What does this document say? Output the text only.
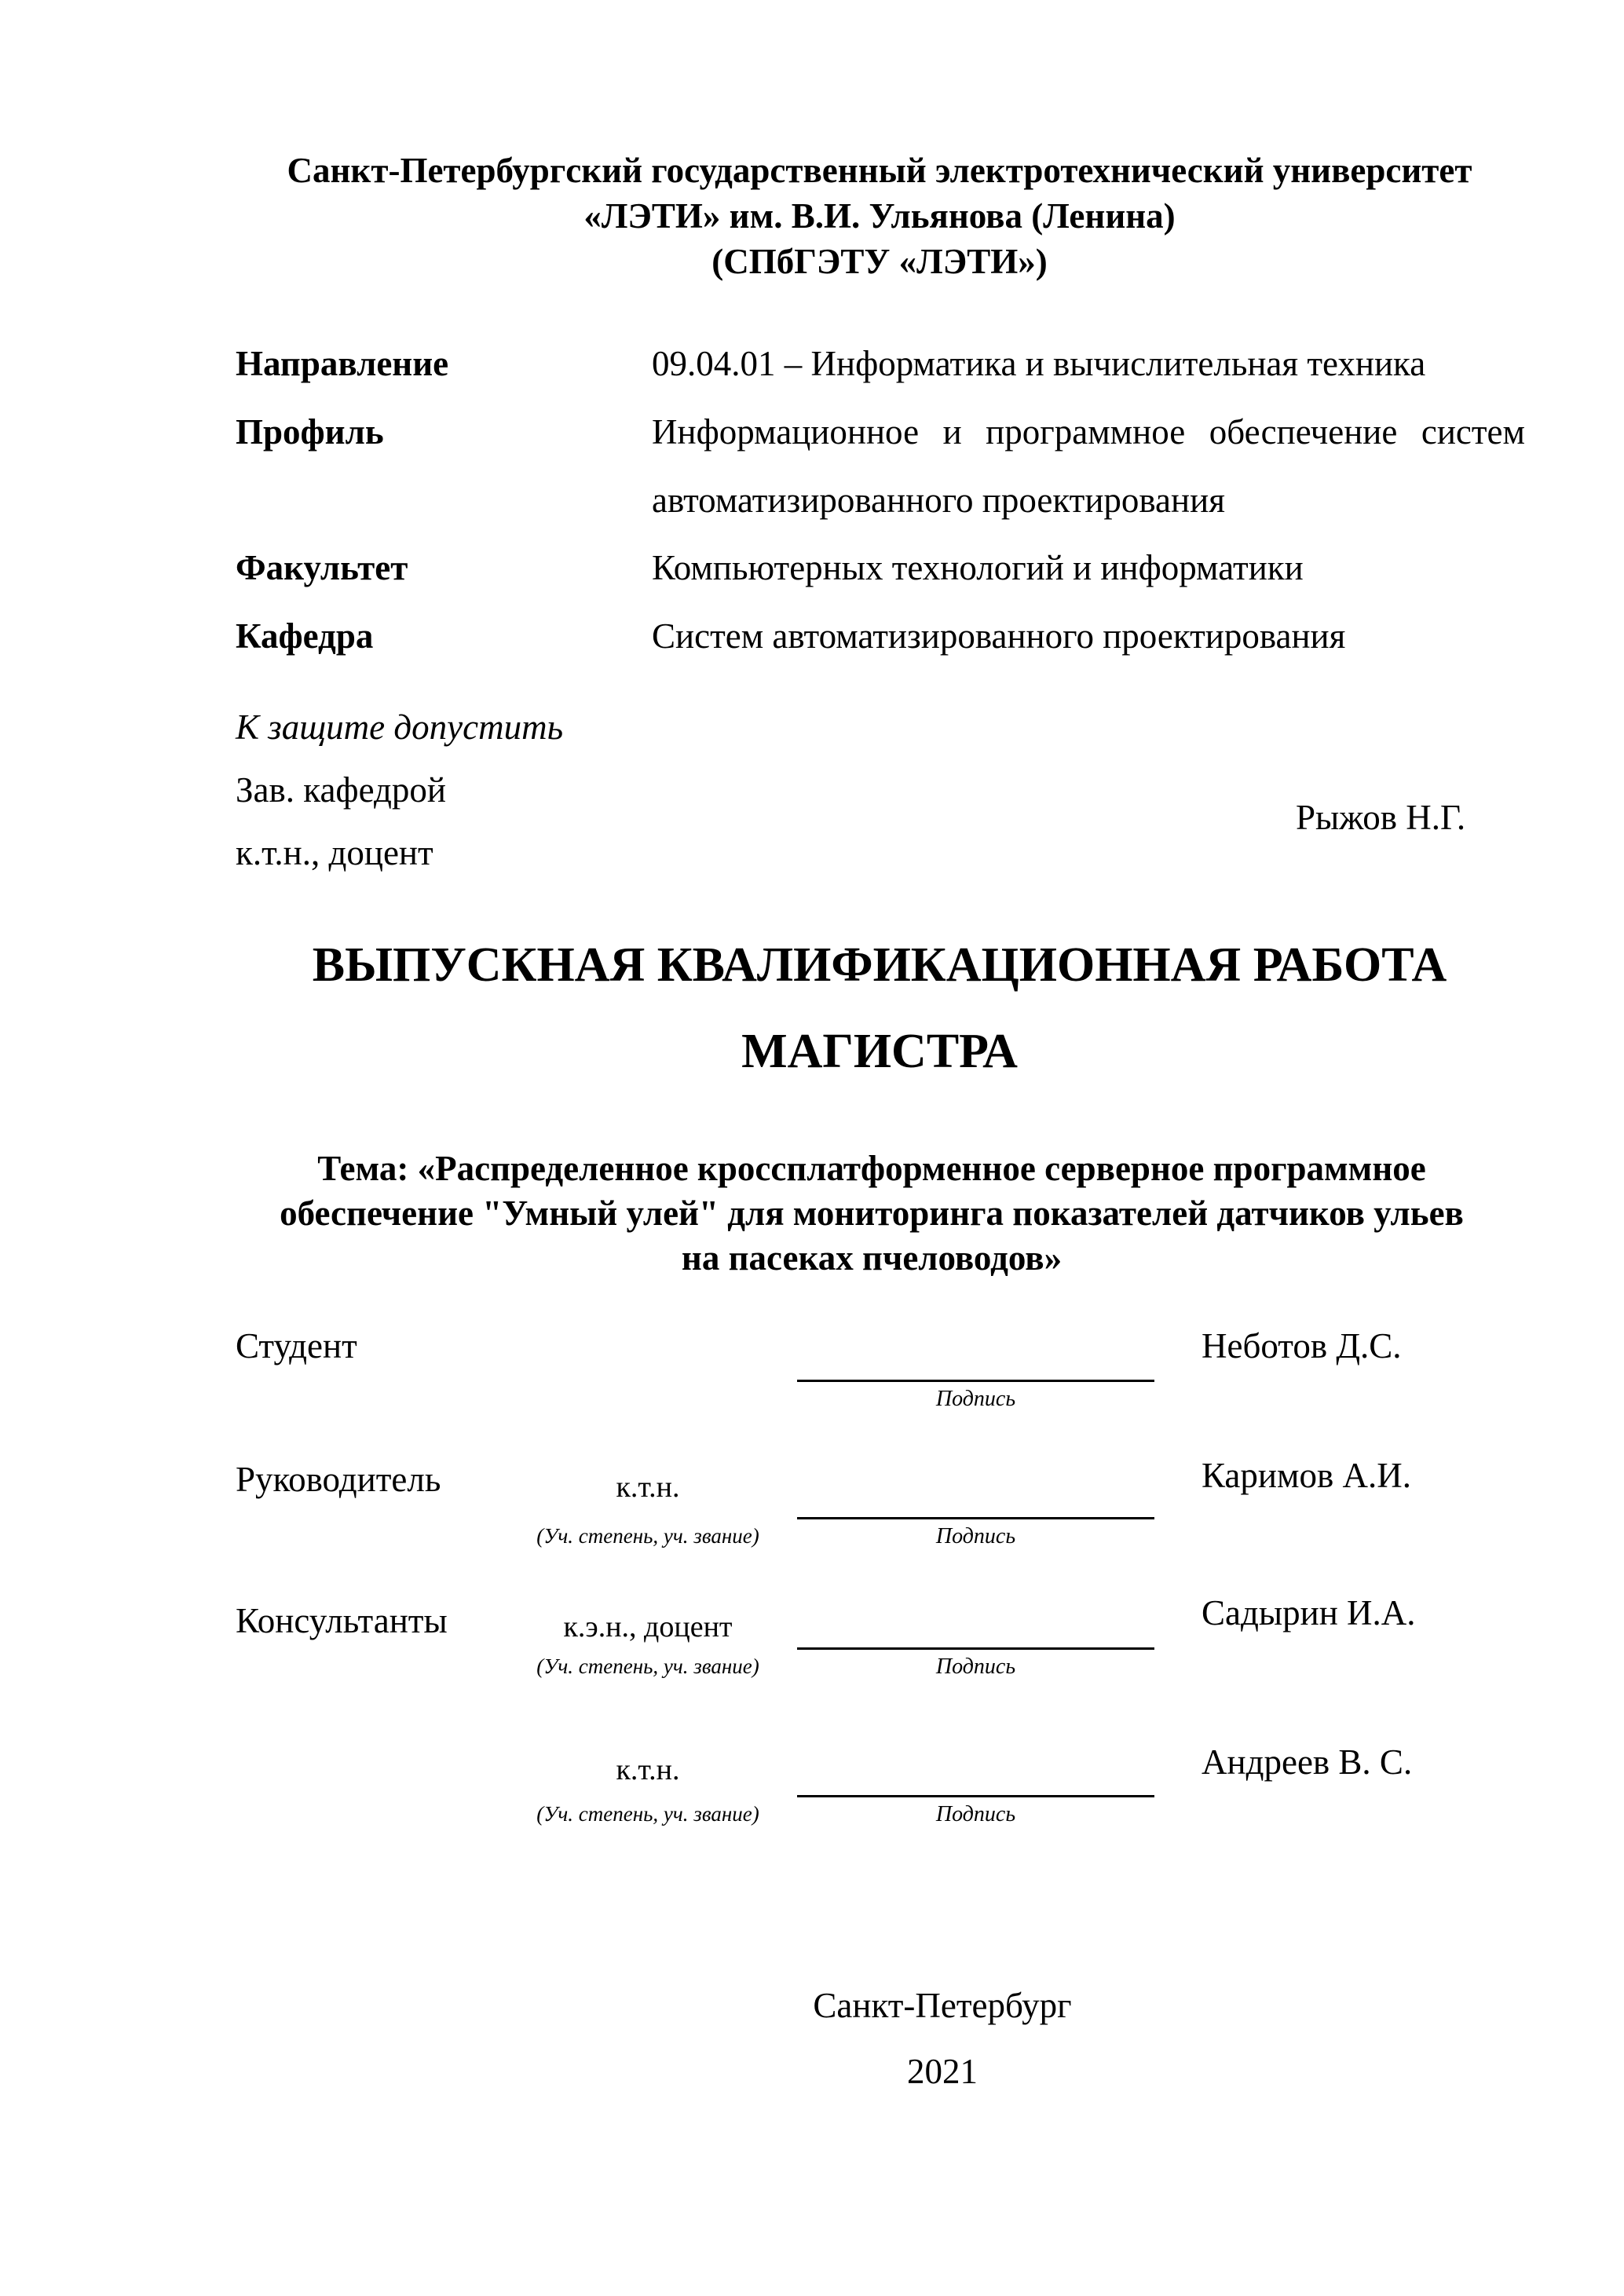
Санкт-Петербургский государственный электротехнический университет
«ЛЭТИ» им. В.И. Ульянова (Ленина)
(СПбГЭТУ «ЛЭТИ»)
Направление	09.04.01 – Информатика и вычислительная техника
Профиль	Информационное и программное обеспечение систем
автоматизированного проектирования
Факультет	Компьютерных технологий и информатики
Кафедра	Систем автоматизированного проектирования
К защите допустить
Зав. кафедрой
Рыжов Н.Г.
к.т.н., доцент
ВЫПУСКНАЯ КВАЛИФИКАЦИОННАЯ РАБОТА
МАГИСТРА
Тема: «Распределенное кроссплатформенное серверное программное
обеспечение "Умный улей" для мониторинга показателей датчиков ульев
на пасеках пчеловодов»
Студент	Неботов Д.С.
Подпись
Руководитель	к.т.н.	Каримов А.И.
(Уч. степень, уч. звание)	Подпись
Консультанты	к.э.н., доцент	Садырин И.А.
(Уч. степень, уч. звание)	Подпись
к.т.н.	Андреев В. С.
(Уч. степень, уч. звание)	Подпись
Санкт-Петербург
2021
